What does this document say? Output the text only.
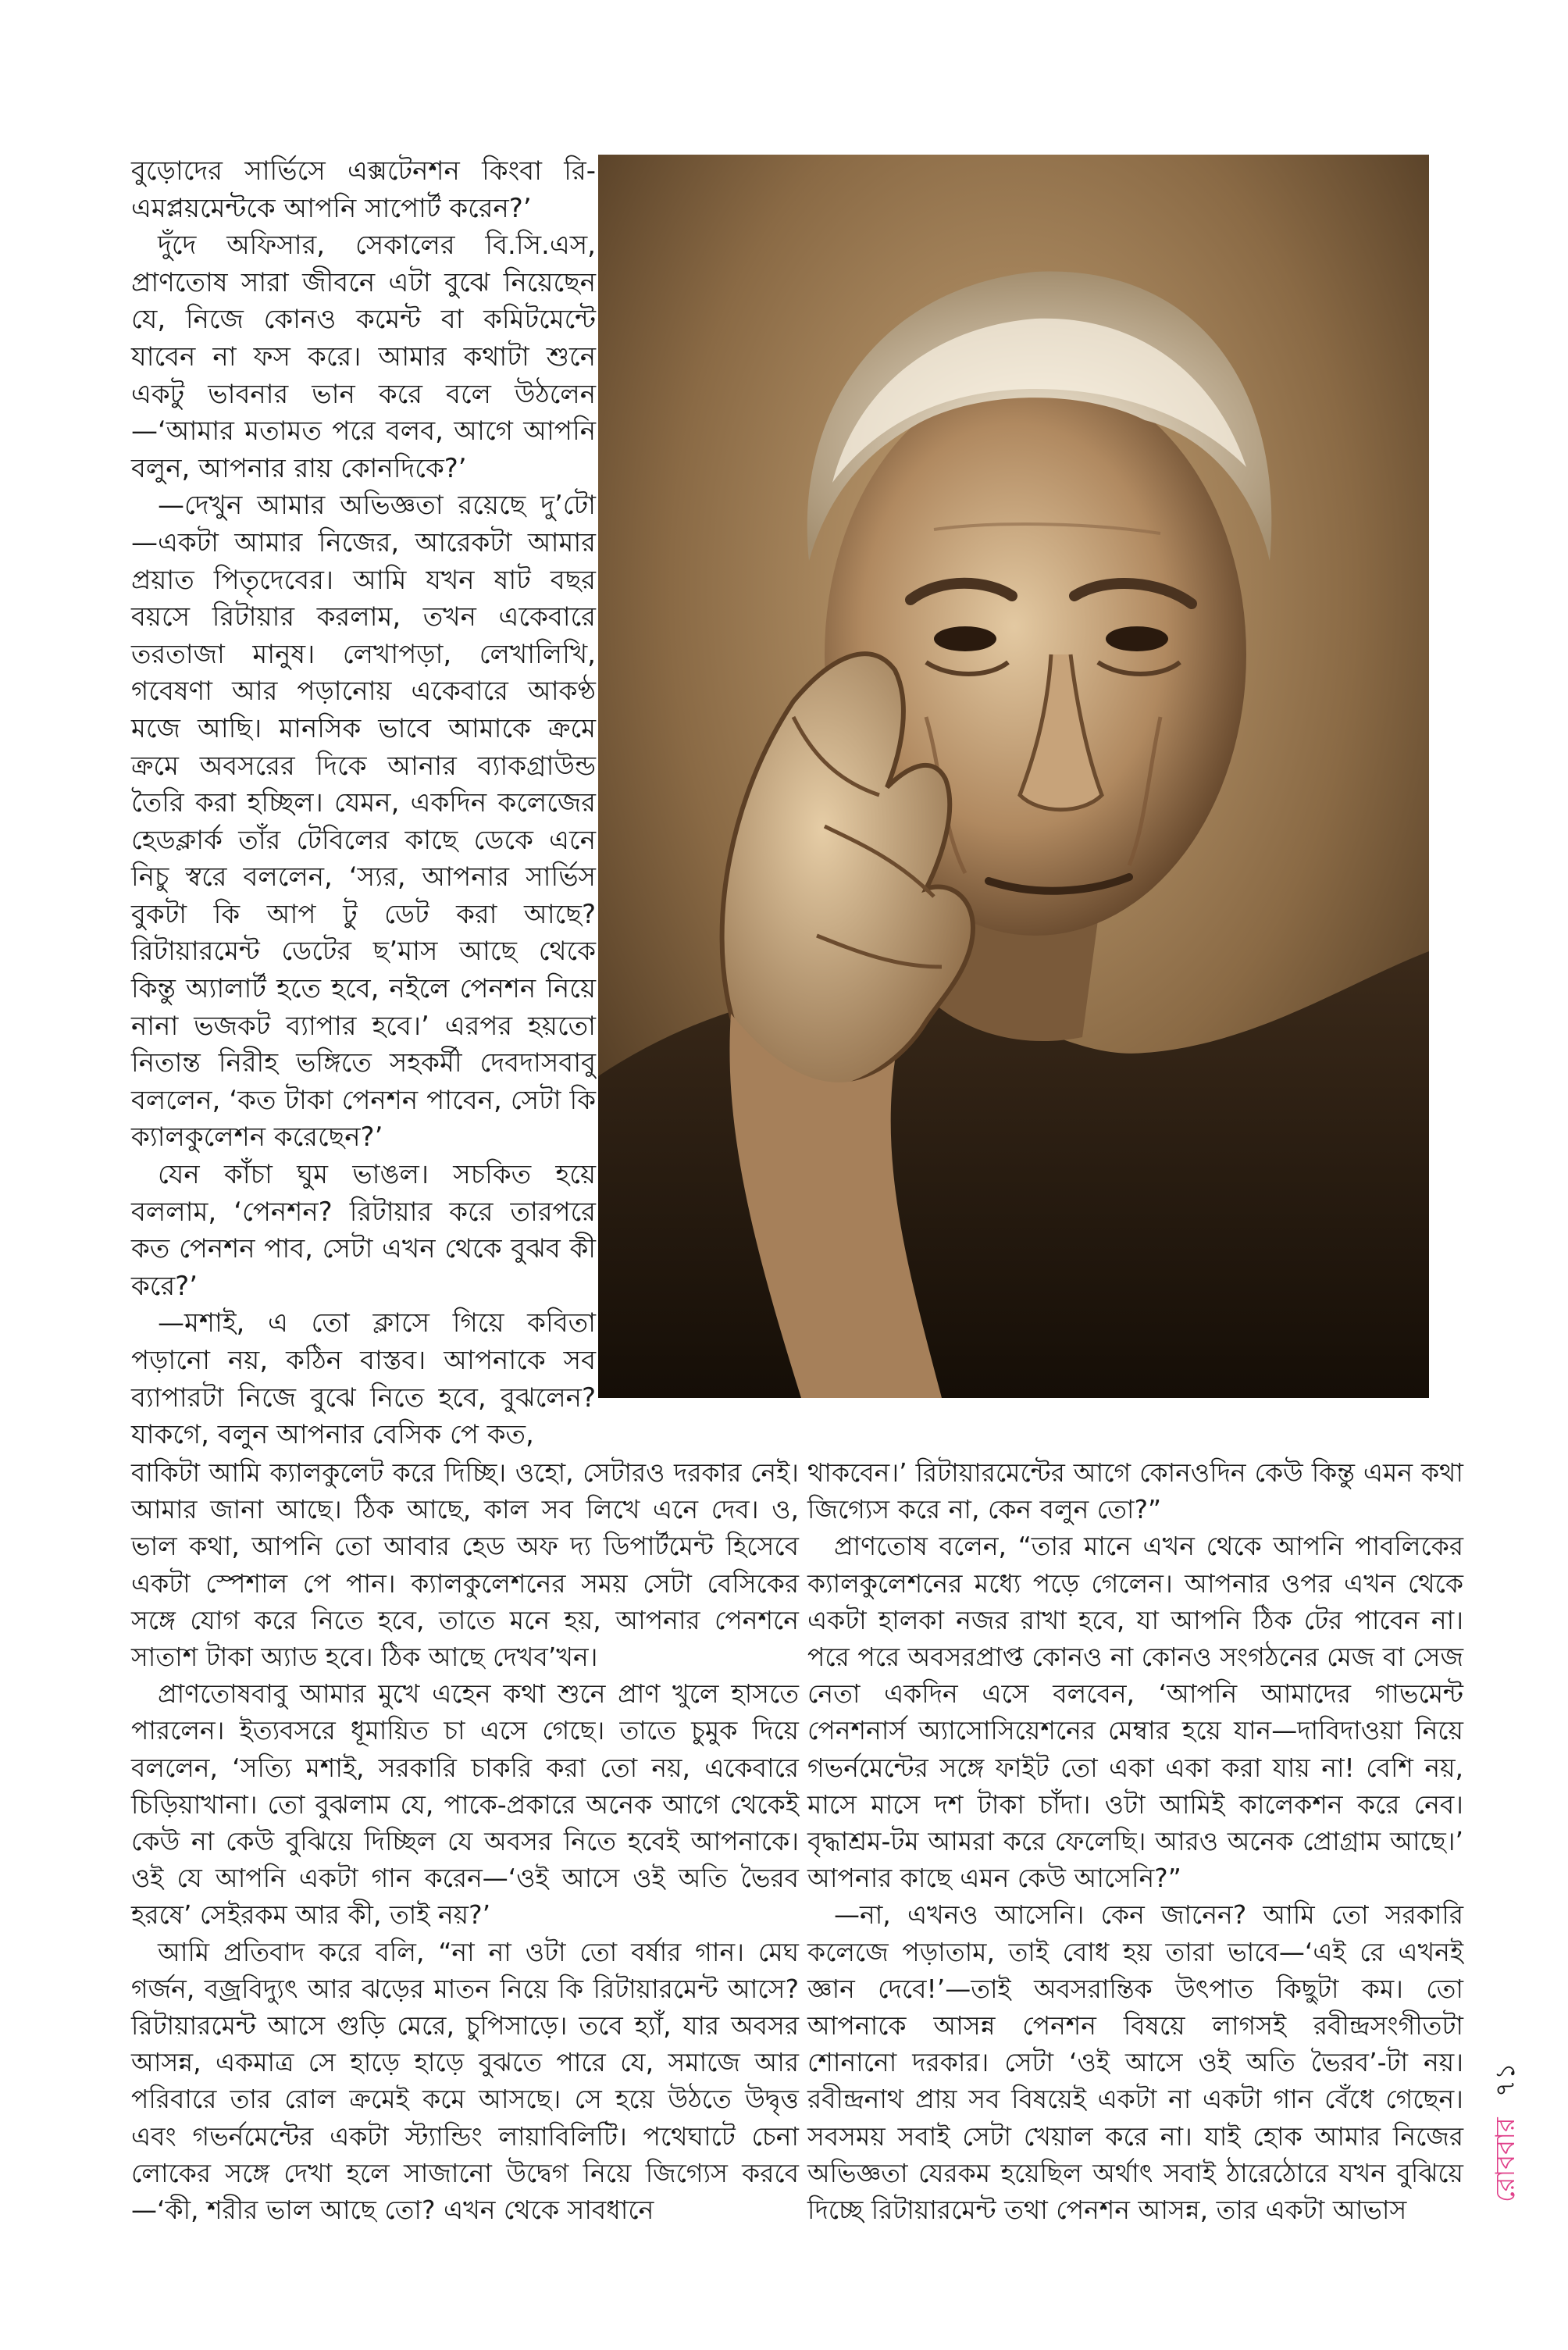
বুড়োদের সার্ভিসে এক্সটেনশন কিংবা রি-এমপ্লয়মেন্টকে আপনি সাপোর্ট করেন?’

দুঁদে অফিসার, সেকালের বি.সি.এস, প্রাণতোষ সারা জীবনে এটা বুঝে নিয়েছেন যে, নিজে কোনও কমেন্ট বা কমিটমেন্টে যাবেন না ফস করে। আমার কথাটা শুনে একটু ভাবনার ভান করে বলে উঠলেন—‘আমার মতামত পরে বলব, আগে আপনি বলুন, আপনার রায় কোনদিকে?’

—দেখুন আমার অভিজ্ঞতা রয়েছে দু’টো—একটা আমার নিজের, আরেকটা আমার প্রয়াত পিতৃদেবের। আমি যখন ষাট বছর বয়সে রিটায়ার করলাম, তখন একেবারে তরতাজা মানুষ। লেখাপড়া, লেখালিখি, গবেষণা আর পড়ানোয় একেবারে আকণ্ঠ মজে আছি। মানসিক ভাবে আমাকে ক্রমে ক্রমে অবসরের দিকে আনার ব্যাকগ্রাউন্ড তৈরি করা হচ্ছিল। যেমন, একদিন কলেজের হেডক্লার্ক তাঁর টেবিলের কাছে ডেকে এনে নিচু স্বরে বললেন, ‘স্যর, আপনার সার্ভিস বুকটা কি আপ টু ডেট করা আছে? রিটায়ারমেন্ট ডেটের ছ’মাস আছে থেকে কিন্তু অ্যালার্ট হতে হবে, নইলে পেনশন নিয়ে নানা ভজকট ব্যাপার হবে।’ এরপর হয়তো নিতান্ত নিরীহ ভঙ্গিতে সহকর্মী দেবদাসবাবু বললেন, ‘কত টাকা পেনশন পাবেন, সেটা কি ক্যালকুলেশন করেছেন?’

যেন কাঁচা ঘুম ভাঙল। সচকিত হয়ে বললাম, ‘পেনশন? রিটায়ার করে তারপরে কত পেনশন পাব, সেটা এখন থেকে বুঝব কী করে?’

—মশাই, এ তো ক্লাসে গিয়ে কবিতা পড়ানো নয়, কঠিন বাস্তব। আপনাকে সব ব্যাপারটা নিজে বুঝে নিতে হবে, বুঝলেন? যাকগে, বলুন আপনার বেসিক পে কত,

বাকিটা আমি ক্যালকুলেট করে দিচ্ছি। ওহো, সেটারও দরকার নেই। আমার জানা আছে। ঠিক আছে, কাল সব লিখে এনে দেব। ও, ভাল কথা, আপনি তো আবার হেড অফ দ্য ডিপার্টমেন্ট হিসেবে একটা স্পেশাল পে পান। ক্যালকুলেশনের সময় সেটা বেসিকের সঙ্গে যোগ করে নিতে হবে, তাতে মনে হয়, আপনার পেনশনে সাতাশ টাকা অ্যাড হবে। ঠিক আছে দেখব’খন।

প্রাণতোষবাবু আমার মুখে এহেন কথা শুনে প্রাণ খুলে হাসতে পারলেন। ইত্যবসরে ধূমায়িত চা এসে গেছে। তাতে চুমুক দিয়ে বললেন, ‘সত্যি মশাই, সরকারি চাকরি করা তো নয়, একেবারে চিড়িয়াখানা। তো বুঝলাম যে, পাকে-প্রকারে অনেক আগে থেকেই কেউ না কেউ বুঝিয়ে দিচ্ছিল যে অবসর নিতে হবেই আপনাকে। ওই যে আপনি একটা গান করেন—‘ওই আসে ওই অতি ভৈরব হরষে’ সেইরকম আর কী, তাই নয়?’

আমি প্রতিবাদ করে বলি, “না না ওটা তো বর্ষার গান। মেঘ গর্জন, বজ্রবিদ্যুৎ আর ঝড়ের মাতন নিয়ে কি রিটায়ারমেন্ট আসে? রিটায়ারমেন্ট আসে গুড়ি মেরে, চুপিসাড়ে। তবে হ্যাঁ, যার অবসর আসন্ন, একমাত্র সে হাড়ে হাড়ে বুঝতে পারে যে, সমাজে আর পরিবারে তার রোল ক্রমেই কমে আসছে। সে হয়ে উঠতে উদ্বৃত্ত এবং গভর্নমেন্টের একটা স্ট্যান্ডিং লায়াবিলিটি। পথেঘাটে চেনা লোকের সঙ্গে দেখা হলে সাজানো উদ্বেগ নিয়ে জিগ্যেস করবে—‘কী, শরীর ভাল আছে তো? এখন থেকে সাবধানে

থাকবেন।’ রিটায়ারমেন্টের আগে কোনওদিন কেউ কিন্তু এমন কথা জিগ্যেস করে না, কেন বলুন তো?”

প্রাণতোষ বলেন, “তার মানে এখন থেকে আপনি পাবলিকের ক্যালকুলেশনের মধ্যে পড়ে গেলেন। আপনার ওপর এখন থেকে একটা হালকা নজর রাখা হবে, যা আপনি ঠিক টের পাবেন না। পরে পরে অবসরপ্রাপ্ত কোনও না কোনও সংগঠনের মেজ বা সেজ নেতা একদিন এসে বলবেন, ‘আপনি আমাদের গাভমেন্ট পেনশনার্স অ্যাসোসিয়েশনের মেম্বার হয়ে যান—দাবিদাওয়া নিয়ে গভর্নমেন্টের সঙ্গে ফাইট তো একা একা করা যায় না! বেশি নয়, মাসে মাসে দশ টাকা চাঁদা। ওটা আমিই কালেকশন করে নেব। বৃদ্ধাশ্রম-টম আমরা করে ফেলেছি। আরও অনেক প্রোগ্রাম আছে।’ আপনার কাছে এমন কেউ আসেনি?”

—না, এখনও আসেনি। কেন জানেন? আমি তো সরকারি কলেজে পড়াতাম, তাই বোধ হয় তারা ভাবে—‘এই রে এখনই জ্ঞান দেবে!’—তাই অবসরান্তিক উৎপাত কিছুটা কম। তো আপনাকে আসন্ন পেনশন বিষয়ে লাগসই রবীন্দ্রসংগীতটা শোনানো দরকার। সেটা ‘ওই আসে ওই অতি ভৈরব’-টা নয়। রবীন্দ্রনাথ প্রায় সব বিষয়েই একটা না একটা গান বেঁধে গেছেন। সবসময় সবাই সেটা খেয়াল করে না। যাই হোক আমার নিজের অভিজ্ঞতা যেরকম হয়েছিল অর্থাৎ সবাই ঠারেঠোরে যখন বুঝিয়ে দিচ্ছে রিটায়ারমেন্ট তথা পেনশন আসন্ন, তার একটা আভাস

রোববার
৭১
